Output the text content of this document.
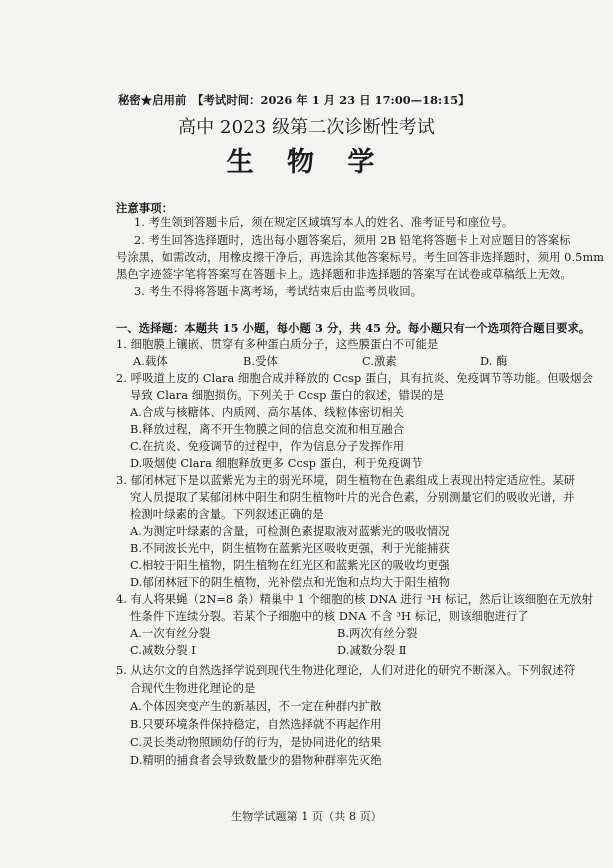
秘密★启用前　【考试时间：2026 年 1 月 23 日 17:00—18:15】
高中 2023 级第二次诊断性考试
生 物 学
注意事项：
1. 考生领到答题卡后，须在规定区域填写本人的姓名、准考证号和座位号。
2. 考生回答选择题时，选出每小题答案后，须用 2B 铅笔将答题卡上对应题目的答案标
号涂黑，如需改动，用橡皮擦干净后，再选涂其他答案标号。考生回答非选择题时，须用 0.5mm
黑色字迹签字笔将答案写在答题卡上。选择题和非选择题的答案写在试卷或草稿纸上无效。
3. 考生不得将答题卡离考场，考试结束后由监考员收回。
一、选择题：本题共 15 小题，每小题 3 分，共 45 分。每小题只有一个选项符合题目要求。
1. 细胞膜上镶嵌、贯穿有多种蛋白质分子，这些膜蛋白不可能是
A.载体	B.受体	C.激素	D. 酶
2. 呼吸道上皮的 Clara 细胞合成并释放的 Ccsp 蛋白，具有抗炎、免疫调节等功能。但吸烟会
导致 Clara 细胞损伤。下列关于 Ccsp 蛋白的叙述，错误的是
A.合成与核糖体、内质网、高尔基体、线粒体密切相关
B.释放过程，离不开生物膜之间的信息交流和相互融合
C.在抗炎、免疫调节的过程中，作为信息分子发挥作用
D.吸烟使 Clara 细胞释放更多 Ccsp 蛋白，利于免疫调节
3. 郁闭林冠下是以蓝紫光为主的弱光环境，阴生植物在色素组成上表现出特定适应性。某研
究人员提取了某郁闭林中阳生和阴生植物叶片的光合色素，分别测量它们的吸收光谱，并
检测叶绿素的含量。下列叙述正确的是
A.为测定叶绿素的含量，可检测色素提取液对蓝紫光的吸收情况
B.不同波长光中，阴生植物在蓝紫光区吸收更强，利于光能捕获
C.相较于阳生植物，阴生植物在红光区和蓝紫光区的吸收均更强
D.郁闭林冠下的阴生植物，光补偿点和光饱和点均大于阳生植物
4. 有人将果蝇（2N=8 条）精巢中 1 个细胞的核 DNA 进行 ³H 标记，然后让该细胞在无放射
性条件下连续分裂。若某个子细胞中的核 DNA 不含 ³H 标记，则该细胞进行了
A.一次有丝分裂	B.两次有丝分裂
C.减数分裂 Ⅰ	D.减数分裂 Ⅱ
5. 从达尔文的自然选择学说到现代生物进化理论，人们对进化的研究不断深入。下列叙述符
合现代生物进化理论的是
A.个体因突变产生的新基因，不一定在种群内扩散
B.只要环境条件保持稳定，自然选择就不再起作用
C.灵长类动物照顾幼仔的行为，是协同进化的结果
D.精明的捕食者会导致数量少的猎物种群率先灭绝
生物学试题第 1 页（共 8 页）
